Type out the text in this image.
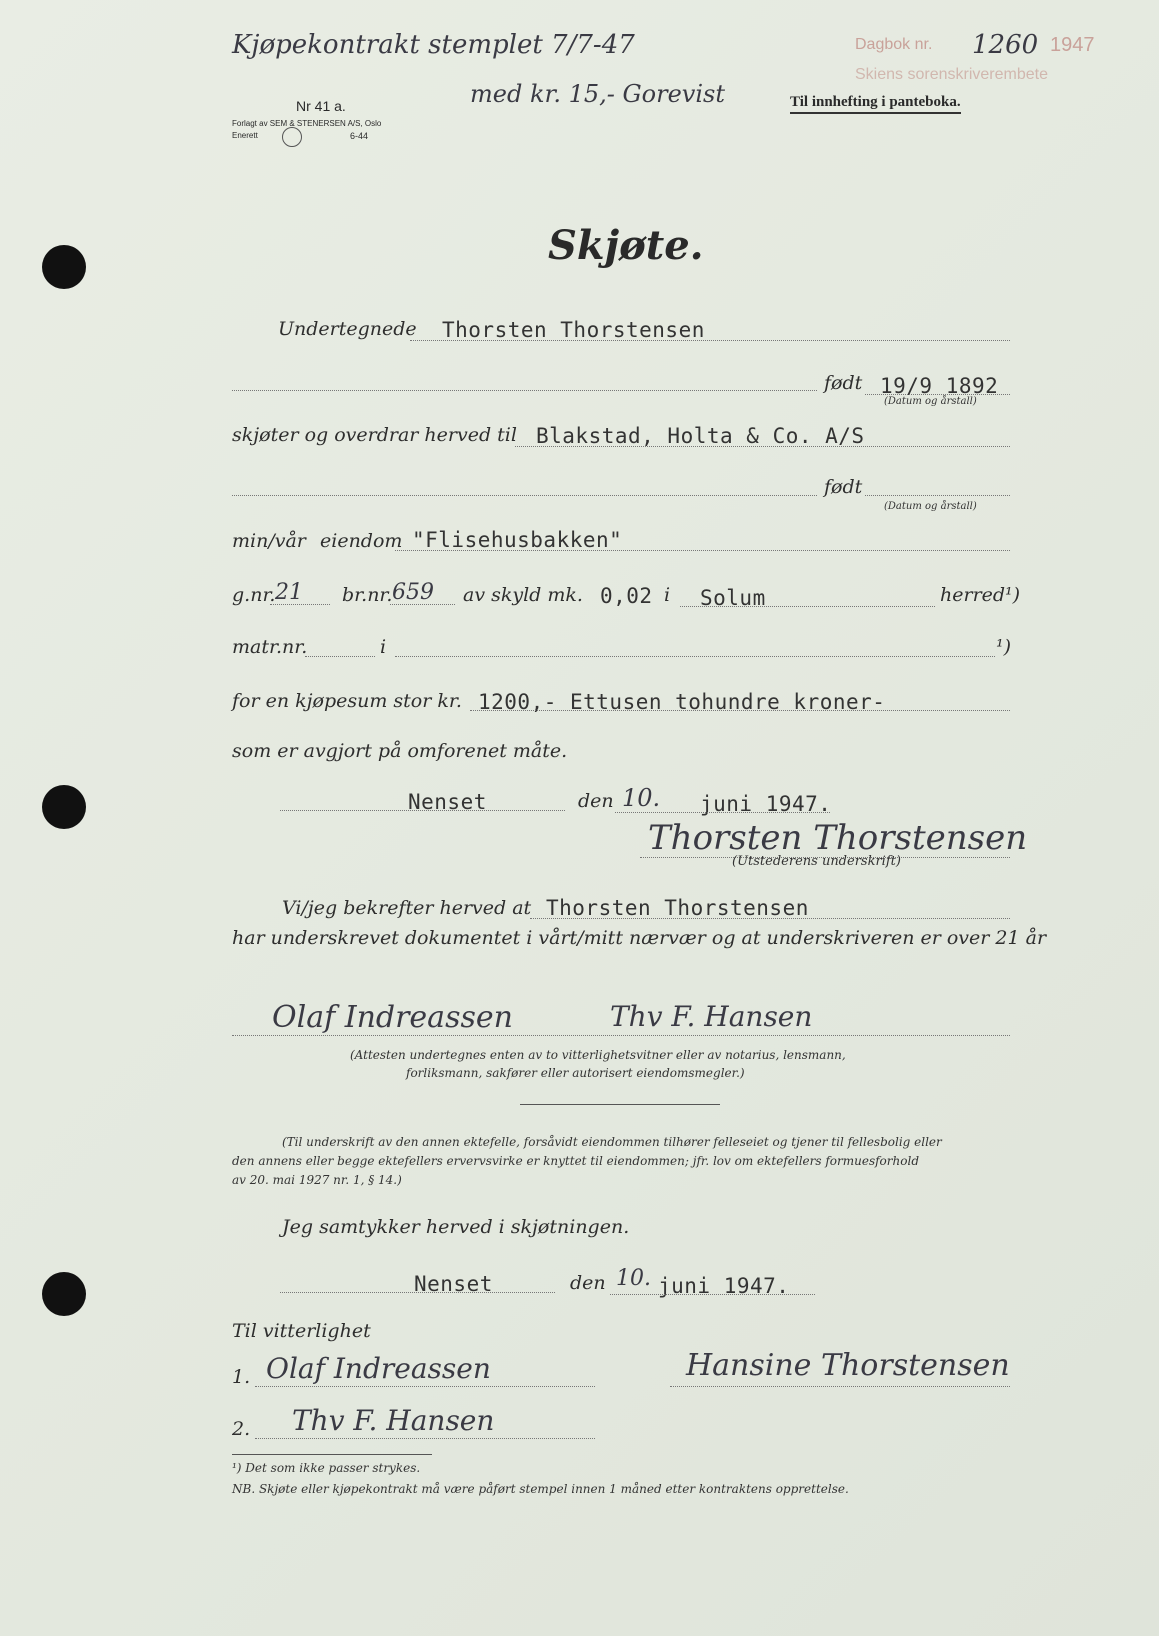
Kjøpekontrakt stemplet 7/7-47
med kr. 15,- Gorevist
Nr 41 a.
Forlagt av SEM & STENERSEN A/S, Oslo
Enerett	6-44
Dagbok nr. 1260 1947
Skiens sorenskriverembete
Til innhefting i panteboka.
Skjøte.
Undertegnede Thorsten Thorstensen
født 19/9 1892
(Datum og årstall)
skjøter og overdrar herved til Blakstad, Holta & Co. A/S
født
(Datum og årstall)
min/vår eiendom "Flisehusbakken"
g.nr. 21 br.nr. 659 av skyld mk. 0,02 i Solum	herred¹)
matr.nr.	i	¹)
for en kjøpesum stor kr. 1200,- Ettusen tohundre kroner-
som er avgjort på omforenet måte.
Nenset	den 10. juni 1947.
Thorsten Thorstensen
(Utstederens underskrift)
Vi/jeg bekrefter herved at Thorsten Thorstensen
har underskrevet dokumentet i vårt/mitt nærvær og at underskriveren er over 21 år
Olaf Indreassen	Thv F. Hansen
(Attesten undertegnes enten av to vitterlighetsvitner eller av notarius, lensmann,
forliksmann, sakfører eller autorisert eiendomsmegler.)
(Til underskrift av den annen ektefelle, forsåvidt eiendommen tilhører felleseiet og tjener til fellesbolig eller
den annens eller begge ektefellers ervervsvirke er knyttet til eiendommen; jfr. lov om ektefellers formuesforhold
av 20. mai 1927 nr. 1, § 14.)
Jeg samtykker herved i skjøtningen.
Nenset	den 10. juni 1947.
Til vitterlighet
1. Olaf Indreassen	Hansine Thorstensen
2. Thv F. Hansen
¹) Det som ikke passer strykes.
NB. Skjøte eller kjøpekontrakt må være påført stempel innen 1 måned etter kontraktens opprettelse.
